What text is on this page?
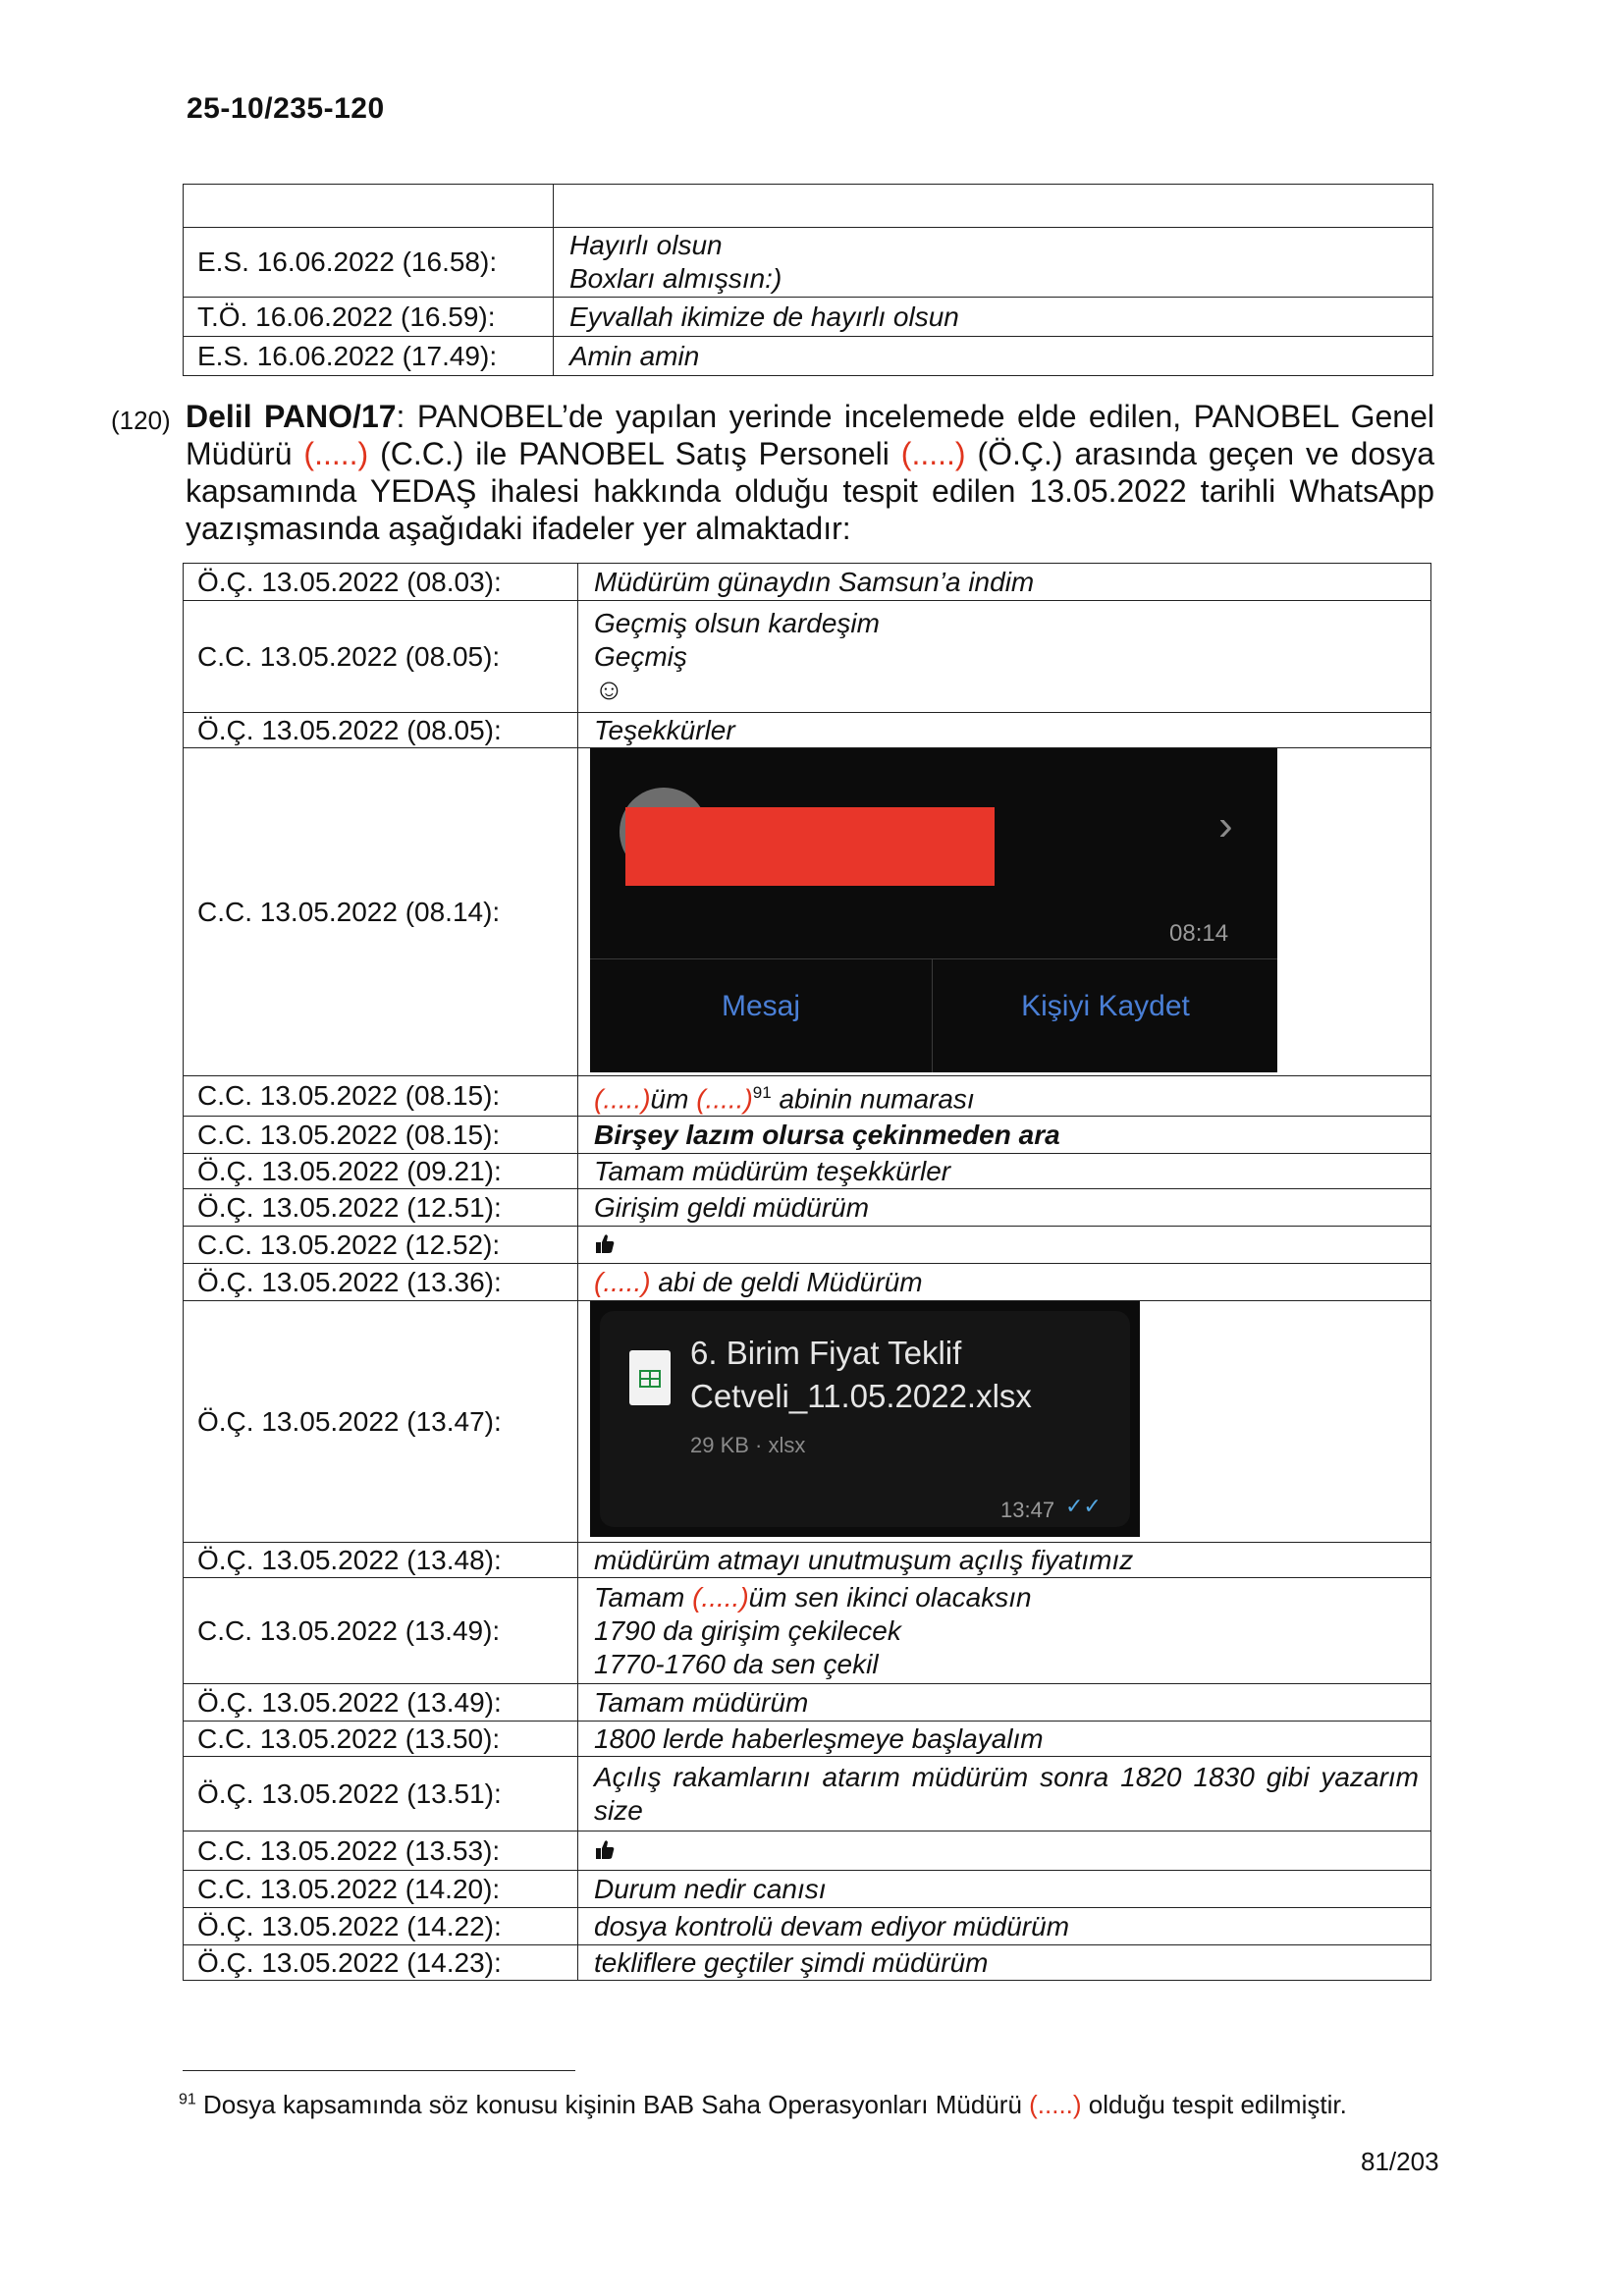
25-10/235-120

E.S. 16.06.2022 (16.58):	Hayırlı olsun
Boxları almışsın:)

T.Ö. 16.06.2022 (16.59):	Eyvallah ikimize de hayırlı olsun
E.S. 16.06.2022 (17.49):	Amin amin
(120) Delil PANO/17: PANOBEL’de yapılan yerinde incelemede elde edilen, PANOBEL Genel Müdürü (.....) (C.C.) ile PANOBEL Satış Personeli (.....) (Ö.Ç.) arasında geçen ve dosya kapsamında YEDAŞ ihalesi hakkında olduğu tespit edilen 13.05.2022 tarihli WhatsApp yazışmasında aşağıdaki ifadeler yer almaktadır:
Ö.Ç. 13.05.2022 (08.03):	Müdürüm günaydın Samsun’a indim
C.C. 13.05.2022 (08.05):	Geçmiş olsun kardeşim
Geçmiş
☺

Ö.Ç. 13.05.2022 (08.05):	Teşekkürler
C.C. 13.05.2022 (08.14):	›
08:14
Mesaj Kişiyi Kaydet

C.C. 13.05.2022 (08.15):	(.....)üm (.....)$^{91}$ abinin numarası
C.C. 13.05.2022 (08.15):	Birşey lazım olursa çekinmeden ara
Ö.Ç. 13.05.2022 (09.21):	Tamam müdürüm teşekkürler
Ö.Ç. 13.05.2022 (12.51):	Girişim geldi müdürüm
C.C. 13.05.2022 (12.52):	
Ö.Ç. 13.05.2022 (13.36):	(.....) abi de geldi Müdürüm
Ö.Ç. 13.05.2022 (13.47):	6. Birim Fiyat Teklif
Cetveli_11.05.2022.xlsx
29 KB · xlsx
13:47 ✓✓

Ö.Ç. 13.05.2022 (13.48):	müdürüm atmayı unutmuşum açılış fiyatımız
C.C. 13.05.2022 (13.49):	Tamam (.....)üm sen ikinci olacaksın
1790 da girişim çekilecek
1770-1760 da sen çekil

Ö.Ç. 13.05.2022 (13.49):	Tamam müdürüm
C.C. 13.05.2022 (13.50):	1800 lerde haberleşmeye başlayalım
Ö.Ç. 13.05.2022 (13.51):	Açılış rakamlarını atarım müdürüm sonra 1820 1830 gibi yazarım size
C.C. 13.05.2022 (13.53):	
C.C. 13.05.2022 (14.20):	Durum nedir canısı
Ö.Ç. 13.05.2022 (14.22):	dosya kontrolü devam ediyor müdürüm
Ö.Ç. 13.05.2022 (14.23):	tekliflere geçtiler şimdi müdürüm
$^{91}$ Dosya kapsamında söz konusu kişinin BAB Saha Operasyonları Müdürü (.....) olduğu tespit edilmiştir.
81/203
